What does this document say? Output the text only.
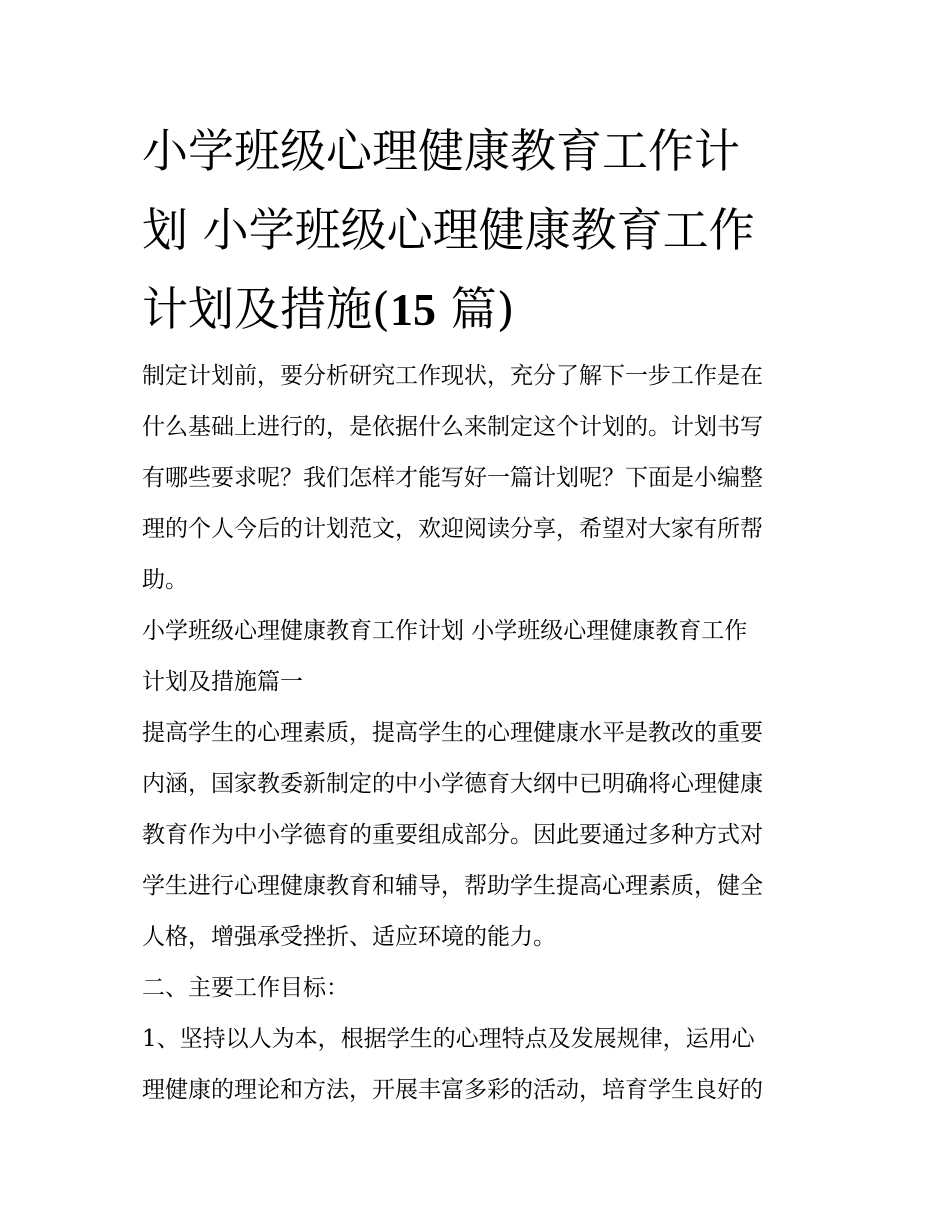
小学班级心理健康教育工作计
划 小学班级心理健康教育工作
计划及措施(15 篇)

制定计划前，要分析研究工作现状，充分了解下一步工作是在
什么基础上进行的，是依据什么来制定这个计划的。计划书写
有哪些要求呢？我们怎样才能写好一篇计划呢？下面是小编整
理的个人今后的计划范文，欢迎阅读分享，希望对大家有所帮
助。

小学班级心理健康教育工作计划 小学班级心理健康教育工作
计划及措施篇一

提高学生的心理素质，提高学生的心理健康水平是教改的重要
内涵，国家教委新制定的中小学德育大纲中已明确将心理健康
教育作为中小学德育的重要组成部分。因此要通过多种方式对
学生进行心理健康教育和辅导，帮助学生提高心理素质，健全
人格，增强承受挫折、适应环境的能力。

二、主要工作目标：

1、坚持以人为本，根据学生的心理特点及发展规律，运用心
理健康的理论和方法，开展丰富多彩的活动，培育学生良好的
